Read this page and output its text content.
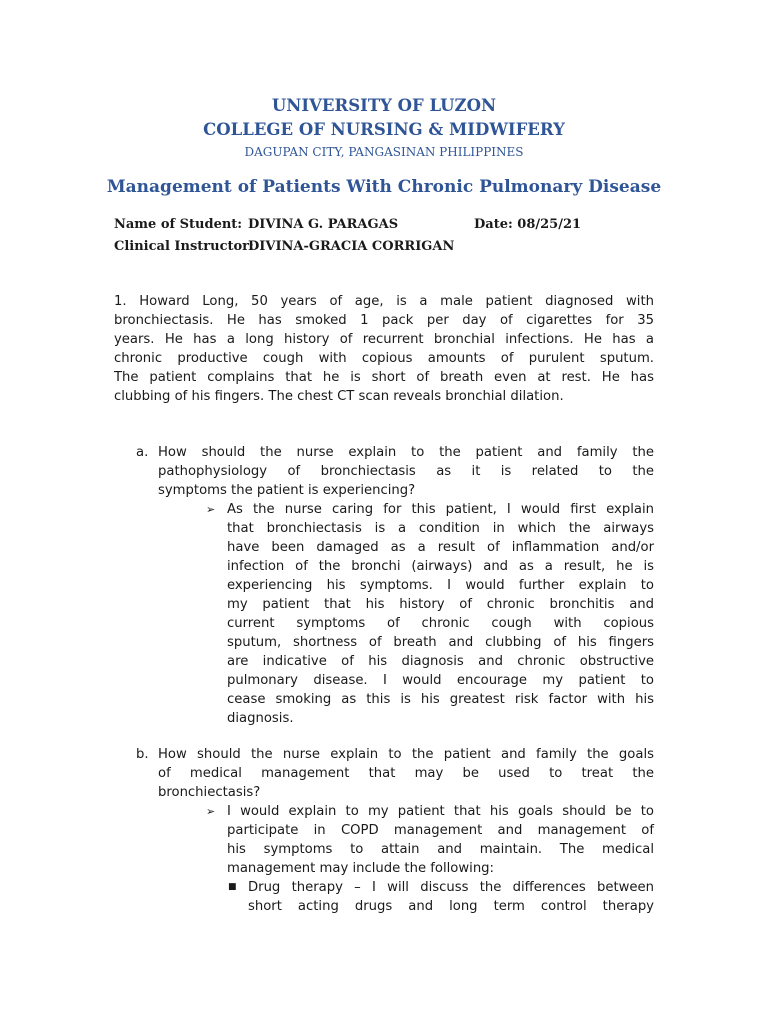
UNIVERSITY OF LUZON
COLLEGE OF NURSING & MIDWIFERY
DAGUPAN CITY, PANGASINAN PHILIPPINES
Management of Patients With Chronic Pulmonary Disease
Name of Student: DIVINA G. PARAGAS	Date: 08/25/21
Clinical Instructor:
DIVINA-GRACIA CORRIGAN
1. Howard Long, 50 years of age, is a male patient diagnosed with
bronchiectasis. He has smoked 1 pack per day of cigarettes for 35
years. He has a long history of recurrent bronchial infections. He has a
chronic productive cough with copious amounts of purulent sputum.
The patient complains that he is short of breath even at rest. He has
clubbing of his fingers. The chest CT scan reveals bronchial dilation.
a. How should the nurse explain to the patient and family the
pathophysiology of bronchiectasis as it is related to the
symptoms the patient is experiencing?
➢ As the nurse caring for this patient, I would first explain
that bronchiectasis is a condition in which the airways
have been damaged as a result of inflammation and/or
infection of the bronchi (airways) and as a result, he is
experiencing his symptoms. I would further explain to
my patient that his history of chronic bronchitis and
current symptoms of chronic cough with copious
sputum, shortness of breath and clubbing of his fingers
are indicative of his diagnosis and chronic obstructive
pulmonary disease. I would encourage my patient to
cease smoking as this is his greatest risk factor with his
diagnosis.
b. How should the nurse explain to the patient and family the goals
of medical management that may be used to treat the
bronchiectasis?
➢ I would explain to my patient that his goals should be to
participate in COPD management and management of
his symptoms to attain and maintain. The medical
management may include the following:
■ Drug therapy – I will discuss the differences between
short acting drugs and long term control therapy
